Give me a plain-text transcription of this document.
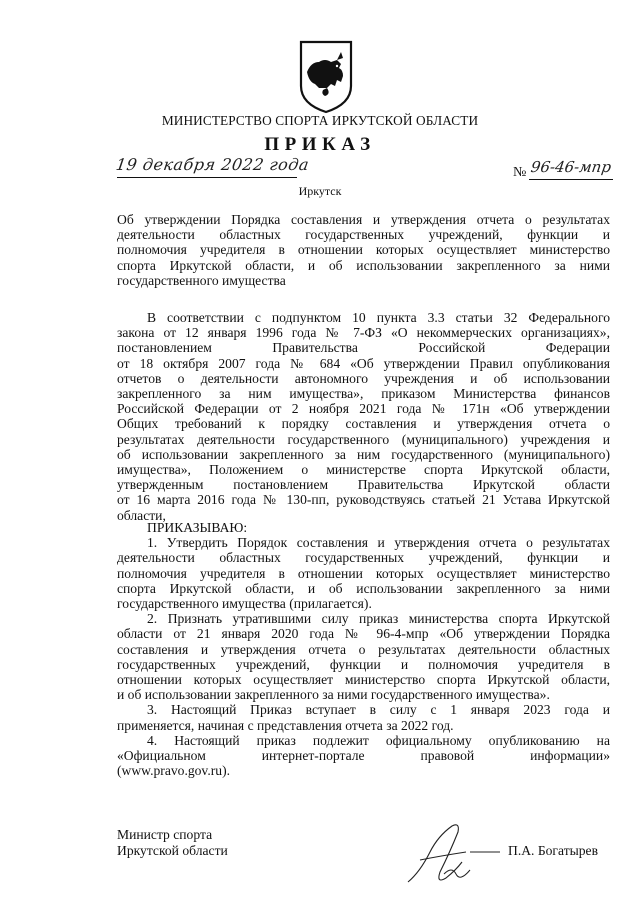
МИНИСТЕРСТВО СПОРТА ИРКУТСКОЙ ОБЛАСТИ
ПРИКАЗ
19 декабря 2022 года	№ 96-46-мпр
Иркутск
Об утверждении Порядка составления и утверждения отчета о результатах
деятельности областных государственных учреждений, функции и
полномочия учредителя в отношении которых осуществляет министерство
спорта Иркутской области, и об использовании закрепленного за ними
государственного имущества
В соответствии с подпунктом 10 пункта 3.3 статьи 32 Федерального
закона от 12 января 1996 года № 7-ФЗ «О некоммерческих организациях»,
постановлением Правительства Российской Федерации
от 18 октября 2007 года № 684 «Об утверждении Правил опубликования
отчетов о деятельности автономного учреждения и об использовании
закрепленного за ним имущества», приказом Министерства финансов
Российской Федерации от 2 ноября 2021 года № 171н «Об утверждении
Общих требований к порядку составления и утверждения отчета о
результатах деятельности государственного (муниципального) учреждения и
об использовании закрепленного за ним государственного (муниципального)
имущества», Положением о министерстве спорта Иркутской области,
утвержденным постановлением Правительства Иркутской области
от 16 марта 2016 года № 130-пп, руководствуясь статьей 21 Устава Иркутской
области,
ПРИКАЗЫВАЮ:
1. Утвердить Порядок составления и утверждения отчета о результатах
деятельности областных государственных учреждений, функции и
полномочия учредителя в отношении которых осуществляет министерство
спорта Иркутской области, и об использовании закрепленного за ними
государственного имущества (прилагается).
2. Признать утратившими силу приказ министерства спорта Иркутской
области от 21 января 2020 года № 96-4-мпр «Об утверждении Порядка
составления и утверждения отчета о результатах деятельности областных
государственных учреждений, функции и полномочия учредителя в
отношении которых осуществляет министерство спорта Иркутской области,
и об использовании закрепленного за ними государственного имущества».
3. Настоящий Приказ вступает в силу с 1 января 2023 года и
применяется, начиная с представления отчета за 2022 год.
4. Настоящий приказ подлежит официальному опубликованию на
«Официальном интернет-портале правовой информации»
(www.pravo.gov.ru).
Министр спорта
Иркутской области	П.А. Богатырев
